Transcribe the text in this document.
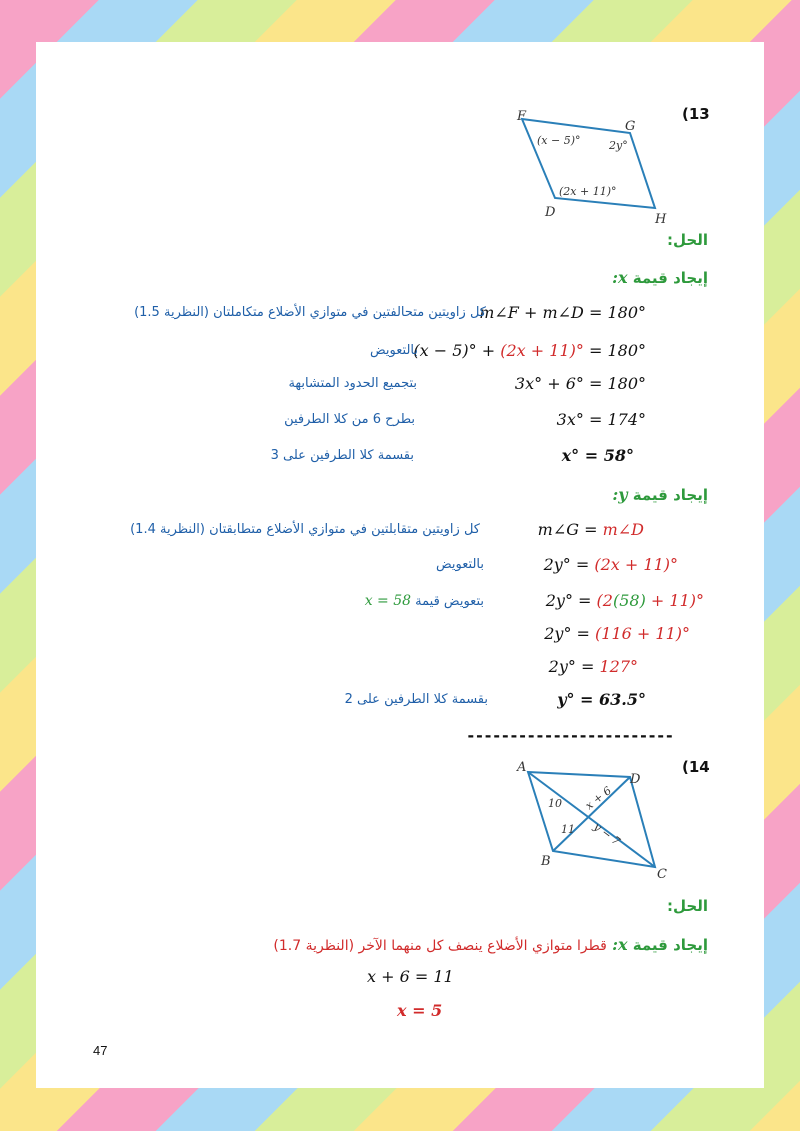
(13
F
G
D	H
(x − 5)°	2y°
(2x + 11)°
الحل:
إيجاد قيمة x:
m∠F + m∠D = 180°
كل زاويتين متحالفتين في متوازي الأضلاع متكاملتان (النظرية 1.5)
(x − 5)° + (2x + 11)° = 180°
بالتعويض
3x° + 6° = 180°
بتجميع الحدود المتشابهة
3x° = 174°
بطرح 6 من كلا الطرفين
x° = 58°
بقسمة كلا الطرفين على 3
إيجاد قيمة y:
m∠G = m∠D
كل زاويتين متقابلتين في متوازي الأضلاع متطابقتان (النظرية 1.4)
2y° = (2x + 11)°
بالتعويض
2y° = (2(58) + 11)°
بتعويض قيمة x = 58
2y° = (116 + 11)°
2y° = 127°
y° = 63.5°
بقسمة كلا الطرفين على 2
------------------------
(14
A
D
B
C
10
11
x + 6
y − 7
الحل:
إيجاد قيمة x: قطرا متوازي الأضلاع ينصف كل منهما الآخر (النظرية 1.7)
x + 6 = 11
x = 5
47
